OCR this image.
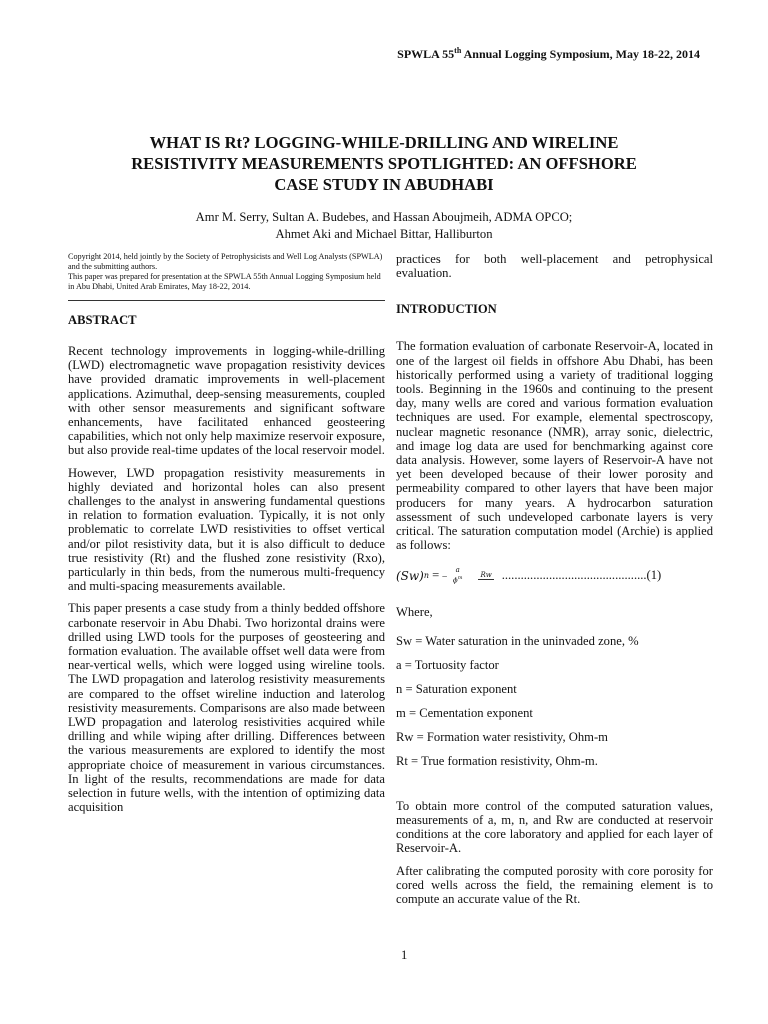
SPWLA 55th Annual Logging Symposium, May 18-22, 2014
WHAT IS Rt? LOGGING-WHILE-DRILLING AND WIRELINE
RESISTIVITY MEASUREMENTS SPOTLIGHTED: AN OFFSHORE
CASE STUDY IN ABUDHABI
Amr M. Serry, Sultan A. Budebes, and Hassan Aboujmeih, ADMA OPCO;
Ahmet Aki and Michael Bittar, Halliburton

Copyright 2014, held jointly by the Society of Petrophysicists and Well Log Analysts (SPWLA) and the submitting authors.
This paper was prepared for presentation at the SPWLA 55th Annual Logging Symposium held in Abu Dhabi, United Arab Emirates, May 18-22, 2014.

ABSTRACT

Recent technology improvements in logging-while-drilling (LWD) electromagnetic wave propagation resistivity devices have provided dramatic improvements in well-placement applications. Azimuthal, deep-sensing measurements, coupled with other sensor measurements and significant software enhancements, have facilitated enhanced geosteering capabilities, which not only help maximize reservoir exposure, but also provide real-time updates of the local reservoir model.

However, LWD propagation resistivity measurements in highly deviated and horizontal holes can also present challenges to the analyst in answering fundamental questions in relation to formation evaluation. Typically, it is not only problematic to correlate LWD resistivities to offset vertical and/or pilot resistivity data, but it is also difficult to deduce true resistivity (Rt) and the flushed zone resistivity (Rxo), particularly in thin beds, from the numerous multi-frequency and multi-spacing measurements available.

This paper presents a case study from a thinly bedded offshore carbonate reservoir in Abu Dhabi. Two horizontal drains were drilled using LWD tools for the purposes of geosteering and formation evaluation. The available offset well data were from near-vertical wells, which were logged using wireline tools. The LWD propagation and laterolog resistivity measurements are compared to the offset wireline induction and laterolog resistivity measurements. Comparisons are also made between LWD propagation and laterolog resistivities acquired while drilling and while wiping after drilling. Differences between the various measurements are explored to identify the most appropriate choice of measurement in various circumstances. In light of the results, recommendations are made for data selection in future wells, with the intention of optimizing data acquisition

practices for both well-placement and petrophysical evaluation.

INTRODUCTION

The formation evaluation of carbonate Reservoir-A, located in one of the largest oil fields in offshore Abu Dhabi, has been historically performed using a variety of traditional logging tools. Beginning in the 1960s and continuing to the present day, many wells are cored and various formation evaluation techniques are used. For example, elemental spectroscopy, nuclear magnetic resonance (NMR), array sonic, dielectric, and image log data are used for benchmarking against core data analysis. However, some layers of Reservoir-A have not yet been developed because of their lower porosity and permeability compared to other layers that have been major producers for many years. A hydrocarbon saturation assessment of such undeveloped carbonate layers is very critical. The saturation computation model (Archie) is applied as follows:

(Sw) n = –
a
$\phi^m$	Rw .............................................. (1)
Where,
Sw = Water saturation in the uninvaded zone, %
a = Tortuosity factor
n = Saturation exponent
m = Cementation exponent
Rw = Formation water resistivity, Ohm-m
Rt = True formation resistivity, Ohm-m.

To obtain more control of the computed saturation values, measurements of a, m, n, and Rw are conducted at reservoir conditions at the core laboratory and applied for each layer of Reservoir-A.

After calibrating the computed porosity with core porosity for cored wells across the field, the remaining element is to compute an accurate value of the Rt.

1
